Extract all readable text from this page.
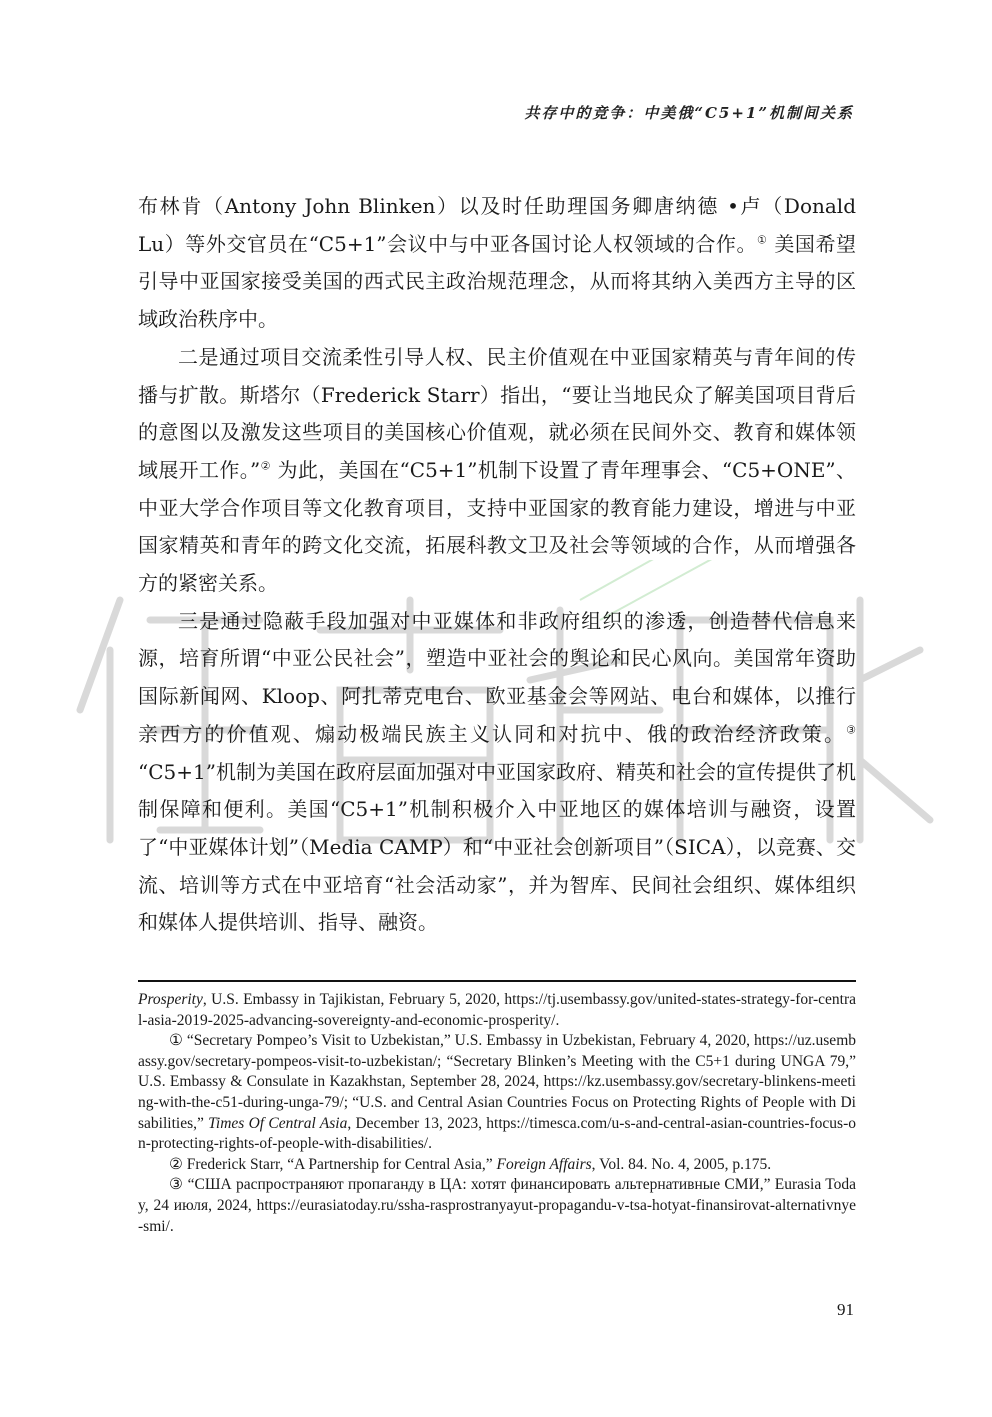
共存中的竞争：中美俄“C5+1”机制间关系

布林肯（Antony John Blinken）以及时任助理国务卿唐纳德 •卢（Donald Lu）等外交官员在“C5+1”会议中与中亚各国讨论人权领域的合作。① 美国希望引导中亚国家接受美国的西式民主政治规范理念，从而将其纳入美西方主导的区域政治秩序中。

二是通过项目交流柔性引导人权、民主价值观在中亚国家精英与青年间的传播与扩散。斯塔尔（Frederick Starr）指出，“要让当地民众了解美国项目背后的意图以及激发这些项目的美国核心价值观，就必须在民间外交、教育和媒体领域展开工作。”② 为此，美国在“C5+1”机制下设置了青年理事会、“C5+ONE”、中亚大学合作项目等文化教育项目，支持中亚国家的教育能力建设，增进与中亚国家精英和青年的跨文化交流，拓展科教文卫及社会等领域的合作，从而增强各方的紧密关系。

三是通过隐蔽手段加强对中亚媒体和非政府组织的渗透，创造替代信息来源，培育所谓“中亚公民社会”，塑造中亚社会的舆论和民心风向。美国常年资助国际新闻网、Kloop、阿扎蒂克电台、欧亚基金会等网站、电台和媒体，以推行亲西方的价值观、煽动极端民族主义认同和对抗中、俄的政治经济政策。③ “C5+1”机制为美国在政府层面加强对中亚国家政府、精英和社会的宣传提供了机制保障和便利。美国“C5+1”机制积极介入中亚地区的媒体培训与融资，设置了“中亚媒体计划”（Media CAMP）和“中亚社会创新项目”（SICA），以竞赛、交流、培训等方式在中亚培育“社会活动家”，并为智库、民间社会组织、媒体组织和媒体人提供培训、指导、融资。

Prosperity, U.S. Embassy in Tajikistan, February 5, 2020, https://tj.usembassy.gov/united-states-strategy-for-central-asia-2019-2025-advancing-sovereignty-and-economic-prosperity/.

① “Secretary Pompeo’s Visit to Uzbekistan,” U.S. Embassy in Uzbekistan, February 4, 2020, https://uz.usembassy.gov/secretary-pompeos-visit-to-uzbekistan/; “Secretary Blinken’s Meeting with the C5+1 during UNGA 79,” U.S. Embassy & Consulate in Kazakhstan, September 28, 2024, https://kz.usembassy.gov/secretary-blinkens-meeting-with-the-c51-during-unga-79/; “U.S. and Central Asian Countries Focus on Protecting Rights of People with Disabilities,” Times Of Central Asia, December 13, 2023, https://timesca.com/u-s-and-central-asian-countries-focus-on-protecting-rights-of-people-with-disabilities/.

② Frederick Starr, “A Partnership for Central Asia,” Foreign Affairs, Vol. 84. No. 4, 2005, p.175.

③ “США распространяют пропаганду в ЦА: хотят финансировать альтернативные СМИ,” Eurasia Today, 24 июля, 2024, https://eurasiatoday.ru/ssha-rasprostranyayut-propagandu-v-tsa-hotyat-finansirovat-alternativnye-smi/.

91
